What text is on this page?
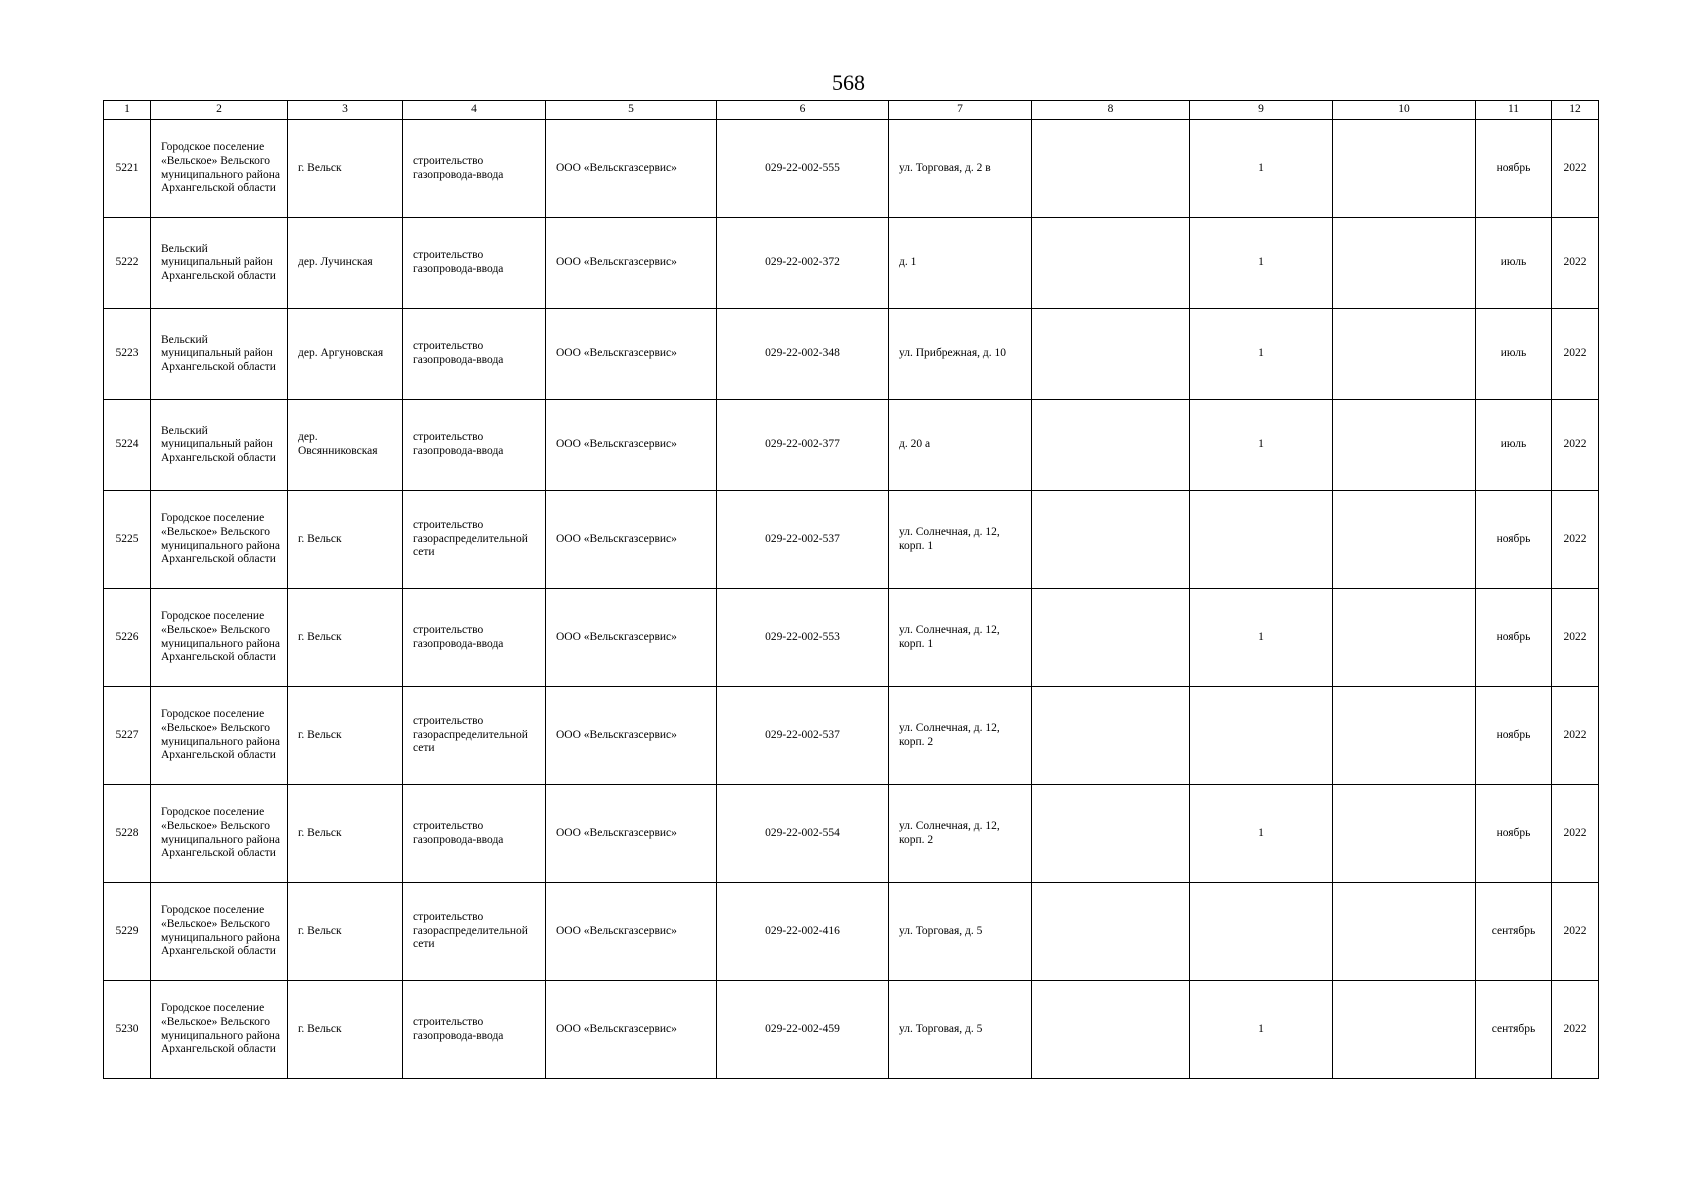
568
1	2	3	4	5	6	7	8	9	10	11	12
5221	Городское поселение «Вельское» Вельского муниципального района Архангельской области	г. Вельск	строительство газопровода-ввода	ООО «Вельскгазсервис»	029-22-002-555	ул. Торговая, д. 2 в		1		ноябрь	2022
5222	Вельский муниципальный район Архангельской области	дер. Лучинская	строительство газопровода-ввода	ООО «Вельскгазсервис»	029-22-002-372	д. 1		1		июль	2022
5223	Вельский муниципальный район Архангельской области	дер. Аргуновская	строительство газопровода-ввода	ООО «Вельскгазсервис»	029-22-002-348	ул. Прибрежная, д. 10		1		июль	2022
5224	Вельский муниципальный район Архангельской области	дер. Овсянниковская	строительство газопровода-ввода	ООО «Вельскгазсервис»	029-22-002-377	д. 20 а		1		июль	2022
5225	Городское поселение «Вельское» Вельского муниципального района Архангельской области	г. Вельск	строительство газораспределительной сети	ООО «Вельскгазсервис»	029-22-002-537	ул. Солнечная, д. 12, корп. 1				ноябрь	2022
5226	Городское поселение «Вельское» Вельского муниципального района Архангельской области	г. Вельск	строительство газопровода-ввода	ООО «Вельскгазсервис»	029-22-002-553	ул. Солнечная, д. 12, корп. 1		1		ноябрь	2022
5227	Городское поселение «Вельское» Вельского муниципального района Архангельской области	г. Вельск	строительство газораспределительной сети	ООО «Вельскгазсервис»	029-22-002-537	ул. Солнечная, д. 12, корп. 2				ноябрь	2022
5228	Городское поселение «Вельское» Вельского муниципального района Архангельской области	г. Вельск	строительство газопровода-ввода	ООО «Вельскгазсервис»	029-22-002-554	ул. Солнечная, д. 12, корп. 2		1		ноябрь	2022
5229	Городское поселение «Вельское» Вельского муниципального района Архангельской области	г. Вельск	строительство газораспределительной сети	ООО «Вельскгазсервис»	029-22-002-416	ул. Торговая, д. 5				сентябрь	2022
5230	Городское поселение «Вельское» Вельского муниципального района Архангельской области	г. Вельск	строительство газопровода-ввода	ООО «Вельскгазсервис»	029-22-002-459	ул. Торговая, д. 5		1		сентябрь	2022
